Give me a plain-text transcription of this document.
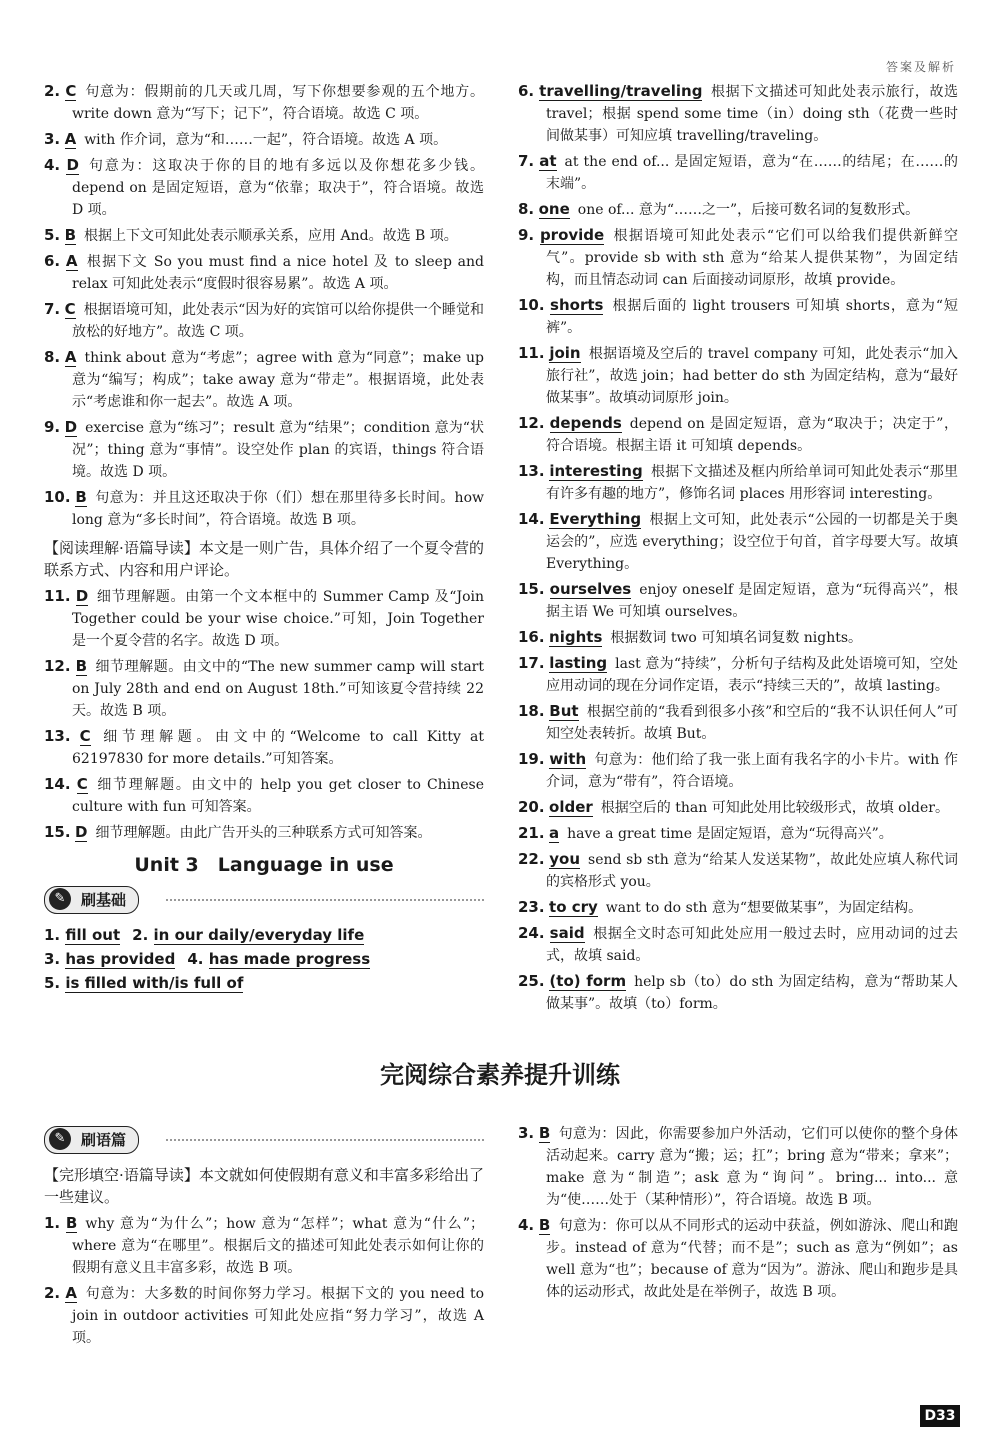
答案及解析
2. C 句意为：假期前的几天或几周，写下你想要参观的五个地方。write down 意为“写下；记下”，符合语境。故选 C 项。
3. A with 作介词，意为“和……一起”，符合语境。故选 A 项。
4. D 句意为：这取决于你的目的地有多远以及你想花多少钱。depend on 是固定短语，意为“依靠；取决于”，符合语境。故选 D 项。
5. B 根据上下文可知此处表示顺承关系，应用 And。故选 B 项。
6. A 根据下文 So you must find a nice hotel 及 to sleep and relax 可知此处表示“度假时很容易累”。故选 A 项。
7. C 根据语境可知，此处表示“因为好的宾馆可以给你提供一个睡觉和放松的好地方”。故选 C 项。
8. A think about 意为“考虑”；agree with 意为“同意”；make up 意为“编写；构成”；take away 意为“带走”。根据语境，此处表示“考虑谁和你一起去”。故选 A 项。
9. D exercise 意为“练习”；result 意为“结果”；condition 意为“状况”；thing 意为“事情”。设空处作 plan 的宾语，things 符合语境。故选 D 项。
10. B 句意为：并且这还取决于你（们）想在那里待多长时间。how long 意为“多长时间”，符合语境。故选 B 项。
【阅读理解·语篇导读】本文是一则广告，具体介绍了一个夏令营的联系方式、内容和用户评论。
11. D 细节理解题。由第一个文本框中的 Summer Camp 及“Join Together could be your wise choice.”可知，Join Together 是一个夏令营的名字。故选 D 项。
12. B 细节理解题。由文中的“The new summer camp will start on July 28th and end on August 18th.”可知该夏令营持续 22 天。故选 B 项。
13. C 细节理解题。由文中的“Welcome to call Kitty at 62197830 for more details.”可知答案。
14. C 细节理解题。由文中的 help you get closer to Chinese culture with fun 可知答案。
15. D 细节理解题。由此广告开头的三种联系方式可知答案。
Unit 3　Language in use
✎	刷基础
1. fill out 2. in our daily/everyday life
3. has provided 4. has made progress
5. is filled with/is full of
6. travelling/traveling 根据下文描述可知此处表示旅行，故选 travel；根据 spend some time（in）doing sth（花费一些时间做某事）可知应填 travelling/traveling。
7. at at the end of... 是固定短语，意为“在……的结尾；在……的末端”。
8. one one of... 意为“……之一”，后接可数名词的复数形式。
9. provide 根据语境可知此处表示“它们可以给我们提供新鲜空气”。provide sb with sth 意为“给某人提供某物”，为固定结构，而且情态动词 can 后面接动词原形，故填 provide。
10. shorts 根据后面的 light trousers 可知填 shorts，意为“短裤”。
11. join 根据语境及空后的 travel company 可知，此处表示“加入旅行社”，故选 join；had better do sth 为固定结构，意为“最好做某事”。故填动词原形 join。
12. depends depend on 是固定短语，意为“取决于；决定于”，符合语境。根据主语 it 可知填 depends。
13. interesting 根据下文描述及框内所给单词可知此处表示“那里有许多有趣的地方”，修饰名词 places 用形容词 interesting。
14. Everything 根据上文可知，此处表示“公园的一切都是关于奥运会的”，应选 everything；设空位于句首，首字母要大写。故填 Everything。
15. ourselves enjoy oneself 是固定短语，意为“玩得高兴”，根据主语 We 可知填 ourselves。
16. nights 根据数词 two 可知填名词复数 nights。
17. lasting last 意为“持续”，分析句子结构及此处语境可知，空处应用动词的现在分词作定语，表示“持续三天的”，故填 lasting。
18. But 根据空前的“我看到很多小孩”和空后的“我不认识任何人”可知空处表转折。故填 But。
19. with 句意为：他们给了我一张上面有我名字的小卡片。with 作介词，意为“带有”，符合语境。
20. older 根据空后的 than 可知此处用比较级形式，故填 older。
21. a have a great time 是固定短语，意为“玩得高兴”。
22. you send sb sth 意为“给某人发送某物”，故此处应填人称代词的宾格形式 you。
23. to cry want to do sth 意为“想要做某事”，为固定结构。
24. said 根据全文时态可知此处应用一般过去时，应用动词的过去式，故填 said。
25. (to) form help sb（to）do sth 为固定结构，意为“帮助某人做某事”。故填（to）form。
完阅综合素养提升训练
✎	刷语篇
【完形填空·语篇导读】本文就如何使假期有意义和丰富多彩给出了一些建议。
1. B why 意为“为什么”；how 意为“怎样”；what 意为“什么”；where 意为“在哪里”。根据后文的描述可知此处表示如何让你的假期有意义且丰富多彩，故选 B 项。
2. A 句意为：大多数的时间你努力学习。根据下文的 you need to join in outdoor activities 可知此处应指“努力学习”，故选 A 项。
3. B 句意为：因此，你需要参加户外活动，它们可以使你的整个身体活动起来。carry 意为“搬；运；扛”；bring 意为“带来；拿来”；make 意为“制造”；ask 意为“询问”。bring... into... 意为“使……处于（某种情形）”，符合语境。故选 B 项。
4. B 句意为：你可以从不同形式的运动中获益，例如游泳、爬山和跑步。instead of 意为“代替；而不是”；such as 意为“例如”；as well 意为“也”；because of 意为“因为”。游泳、爬山和跑步是具体的运动形式，故此处是在举例子，故选 B 项。
D33
